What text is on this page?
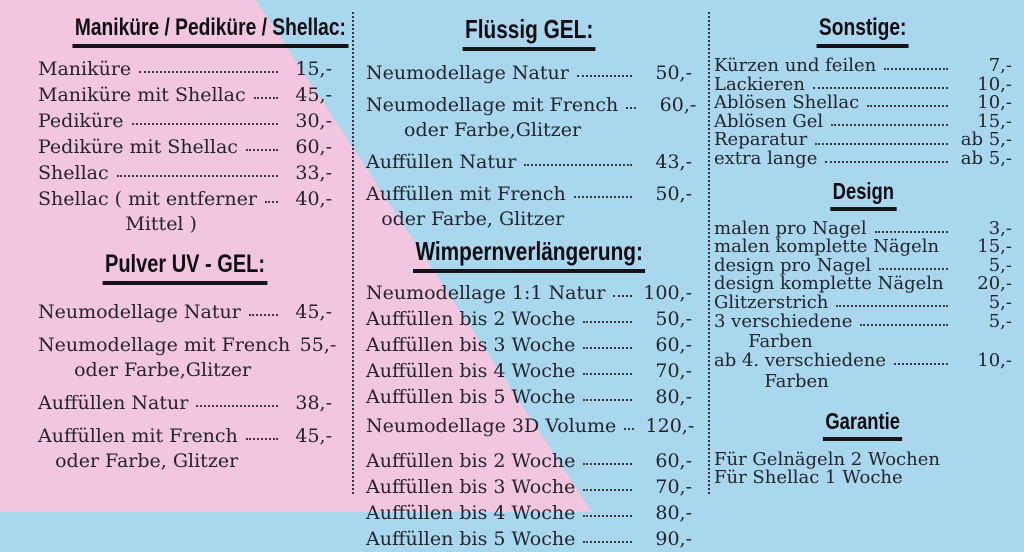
Maniküre / Pediküre / Shellac:
Maniküre	15,-
Maniküre mit Shellac	45,-
Pediküre	30,-
Pediküre mit Shellac	60,-
Shellac	33,-
Shellac ( mit entferner	40,-
Mittel )
Pulver UV - GEL:
Neumodellage Natur	45,-
Neumodellage mit French 55,-
oder Farbe,Glitzer
Auffüllen Natur	38,-
Auffüllen mit French	45,-
oder Farbe, Glitzer
Flüssig GEL:
Neumodellage Natur	50,-
Neumodellage mit French	60,-
oder Farbe,Glitzer
Auffüllen Natur	43,-
Auffüllen mit French	50,-
oder Farbe, Glitzer
Wimpernverlängerung:
Neumodellage 1:1 Natur 100,-
Auffüllen bis 2 Woche	50,-
Auffüllen bis 3 Woche	60,-
Auffüllen bis 4 Woche	70,-
Auffüllen bis 5 Woche	80,-
Neumodellage 3D Volume 120,-
Auffüllen bis 2 Woche	60,-
Auffüllen bis 3 Woche	70,-
Auffüllen bis 4 Woche	80,-
Auffüllen bis 5 Woche	90,-
Sonstige:
Kürzen und feilen	7,-
Lackieren	10,-
Ablösen Shellac	10,-
Ablösen Gel	15,-
Reparatur	ab 5,-
extra lange	ab 5,-
Design
malen pro Nagel	3,-
malen komplette Nägeln	15,-
design pro Nagel	5,-
design komplette Nägeln	20,-
Glitzerstrich	5,-
3 verschiedene	5,-
Farben
ab 4. verschiedene	10,-
Farben
Garantie
Für Gelnägeln 2 Wochen
Für Shellac 1 Woche
